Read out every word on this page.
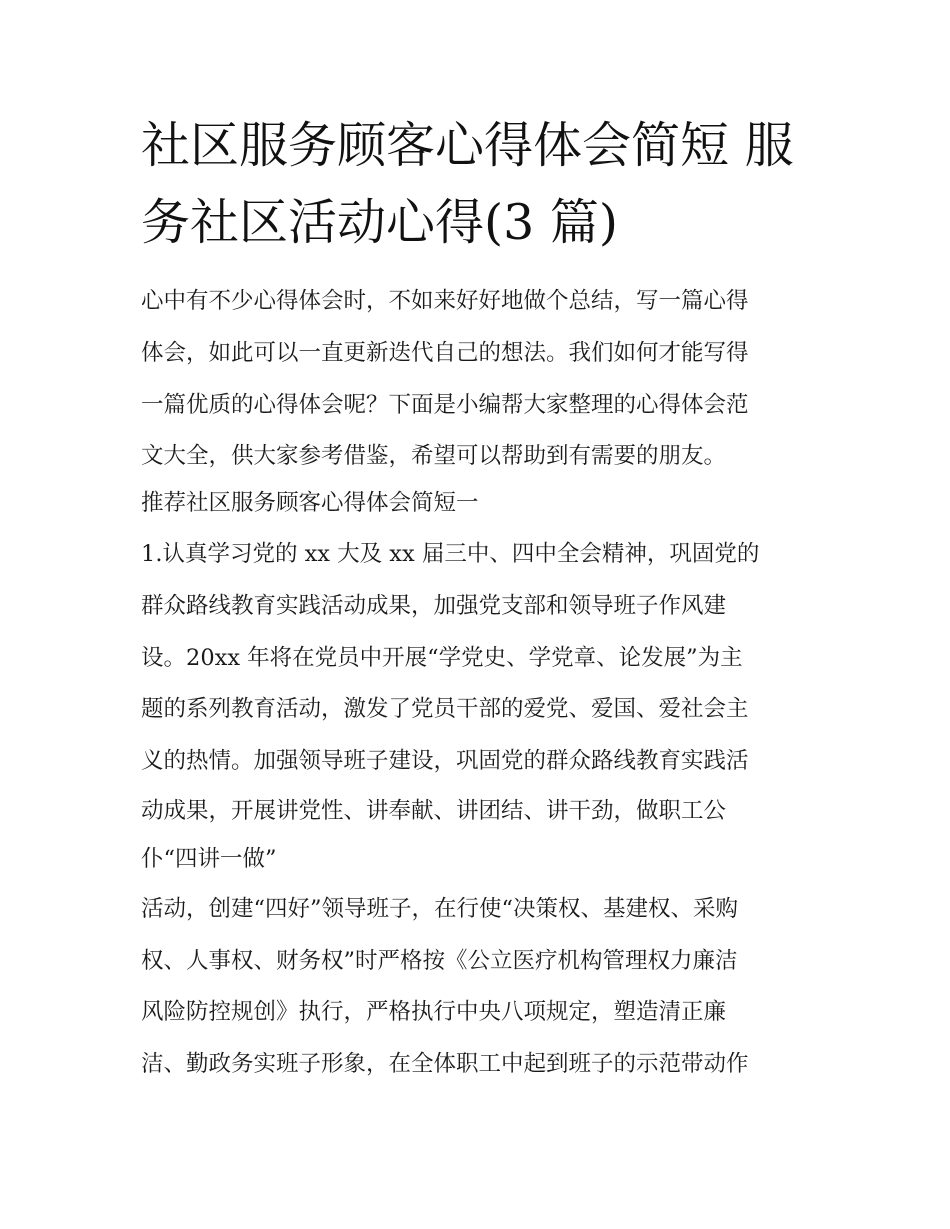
社区服务顾客心得体会简短 服
务社区活动心得(3 篇)
心中有不少心得体会时，不如来好好地做个总结，写一篇心得
体会，如此可以一直更新迭代自己的想法。我们如何才能写得
一篇优质的心得体会呢？下面是小编帮大家整理的心得体会范
文大全，供大家参考借鉴，希望可以帮助到有需要的朋友。
推荐社区服务顾客心得体会简短一
1.认真学习党的 xx 大及 xx 届三中、四中全会精神，巩固党的
群众路线教育实践活动成果，加强党支部和领导班子作风建
设。20xx 年将在党员中开展“学党史、学党章、论发展”为主
题的系列教育活动，激发了党员干部的爱党、爱国、爱社会主
义的热情。加强领导班子建设，巩固党的群众路线教育实践活
动成果，开展讲党性、讲奉献、讲团结、讲干劲，做职工公
仆“四讲一做”
活动，创建“四好”领导班子，在行使“决策权、基建权、采购
权、人事权、财务权”时严格按《公立医疗机构管理权力廉洁
风险防控规创》执行，严格执行中央八项规定，塑造清正廉
洁、勤政务实班子形象，在全体职工中起到班子的示范带动作
